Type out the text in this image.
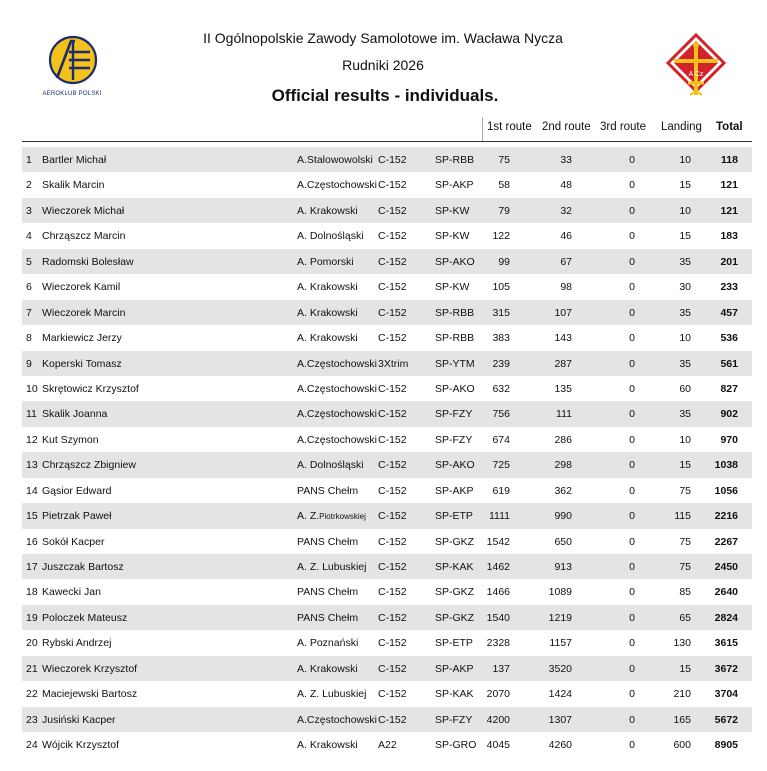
AEROKLUB POLSKI
A Cz
II Ogólnopolskie Zawody Samolotowe im. Wacława Nycza
Rudniki 2026
Official results - individuals.
1st route 2nd route 3rd route Landing Total
1 Bartler Michał	A.Stalowowolski C-152	SP-RBB 75	33	0	10	118
2 Skalik Marcin	A.Częstochowski C-152	SP-AKP 58	48	0	15	121
3 Wieczorek Michał	A. Krakowski C-152	SP-KW	79	32	0	10	121
4 Chrząszcz Marcin	A. Dolnośląski C-152	SP-KW 122	46	0	15	183
5 Radomski Bolesław	A. Pomorski C-152	SP-AKO 99	67	0	35	201
6 Wieczorek Kamil	A. Krakowski C-152	SP-KW 105	98	0	30	233
7 Wieczorek Marcin	A. Krakowski C-152	SP-RBB 315	107	0	35	457
8 Markiewicz Jerzy	A. Krakowski C-152	SP-RBB 383	143	0	10	536
9 Koperski Tomasz	A.Częstochowski 3Xtrim	SP-YTM 239	287	0	35	561
10 Skrętowicz Krzysztof	A.Częstochowski C-152	SP-AKO 632	135	0	60	827
11 Skalik Joanna	A.Częstochowski C-152	SP-FZY 756	111	0	35	902
12 Kut Szymon	A.Częstochowski C-152	SP-FZY 674	286	0	10	970
13 Chrząszcz Zbigniew	A. Dolnośląski C-152	SP-AKO 725	298	0	15 1038
14 Gąsior Edward	PANS Chełm C-152	SP-AKP 619	362	0	75 1056
15 Pietrzak Paweł	A. Z.Piotrkowskiej C-152	SP-ETP 1111	990	0	115 2216
16 Sokół Kacper	PANS Chełm C-152	SP-GKZ 1542	650	0	75 2267
17 Juszczak Bartosz	A. Z. Lubuskiej C-152	SP-KAK 1462	913	0	75 2450
18 Kawecki Jan	PANS Chełm C-152	SP-GKZ 1466	1089	0	85 2640
19 Poloczek Mateusz	PANS Chełm C-152	SP-GKZ 1540	1219	0	65 2824
20 Rybski Andrzej	A. Poznański C-152	SP-ETP 2328	1157	0	130 3615
21 Wieczorek Krzysztof	A. Krakowski C-152	SP-AKP 137	3520	0	15 3672
22 Maciejewski Bartosz	A. Z. Lubuskiej C-152	SP-KAK 2070	1424	0	210 3704
23 Jusiński Kacper	A.Częstochowski C-152	SP-FZY 4200	1307	0	165 5672
24 Wójcik Krzysztof	A. Krakowski A22	SP-GRO 4045	4260	0	600 8905
